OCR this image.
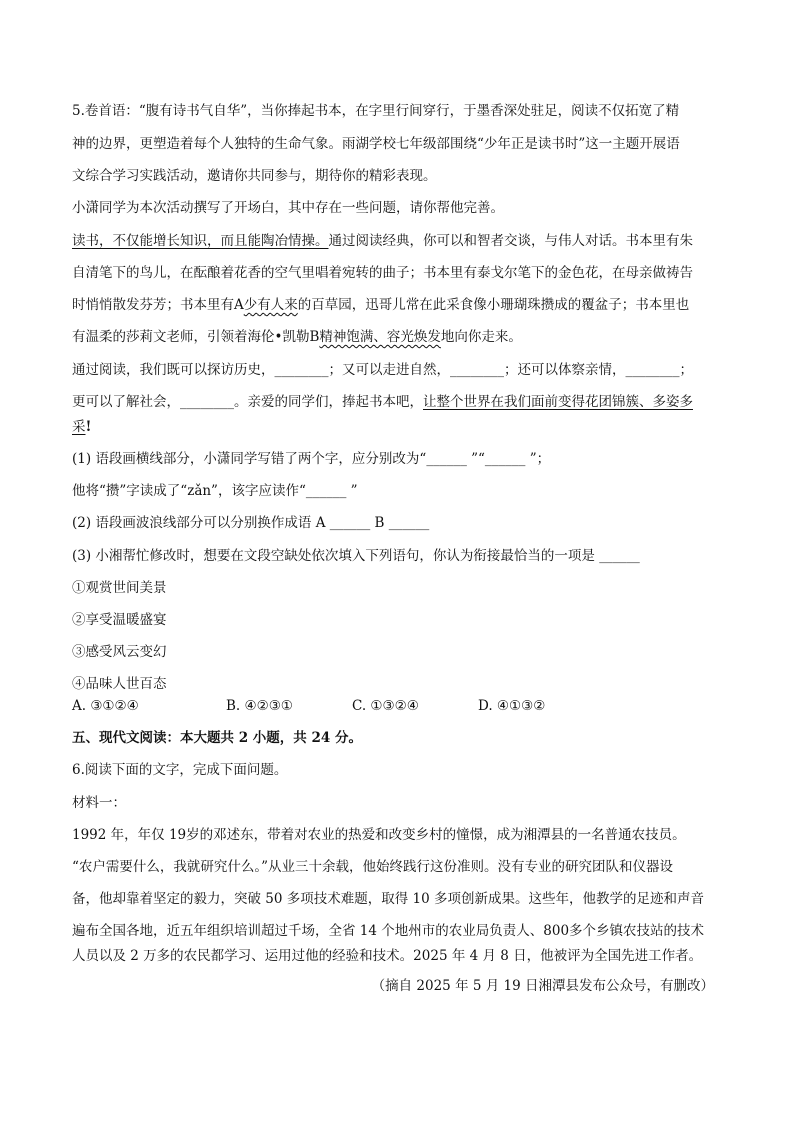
5.卷首语：“腹有诗书气自华”，当你捧起书本，在字里行间穿行，于墨香深处驻足，阅读不仅拓宽了精
神的边界，更塑造着每个人独特的生命气象。雨湖学校七年级部围绕“少年正是读书时”这一主题开展语
文综合学习实践活动，邀请你共同参与，期待你的精彩表现。
小潇同学为本次活动撰写了开场白，其中存在一些问题，请你帮他完善。
读书，不仅能增长知识，而且能陶冶情操。通过阅读经典，你可以和智者交谈，与伟人对话。书本里有朱
自清笔下的鸟儿，在酝酿着花香的空气里唱着宛转的曲子；书本里有泰戈尔笔下的金色花，在母亲做祷告
时悄悄散发芬芳；书本里有A少有人来的百草园，迅哥儿常在此采食像小珊瑚珠攒成的覆盆子；书本里也
有温柔的莎莉文老师，引领着海伦•凯勒B精神饱满、容光焕发地向你走来。
通过阅读，我们既可以探访历史，________；又可以走进自然，________；还可以体察亲情，________；
更可以了解社会，________。亲爱的同学们，捧起书本吧，让整个世界在我们面前变得花团锦簇、多姿多
采!
(1) 语段画横线部分，小潇同学写错了两个字，应分别改为“______ ”“______ ”；
他将“攒”字读成了“zǎn”，该字应读作“______ ”
(2) 语段画波浪线部分可以分别换作成语 A ______ B ______
(3) 小湘帮忙修改时，想要在文段空缺处依次填入下列语句，你认为衔接最恰当的一项是 ______
①观赏世间美景
②享受温暖盛宴
③感受风云变幻
④品味人世百态
A. ③①②④	B. ④②③①	C. ①③②④	D. ④①③②
五、现代文阅读：本大题共 2 小题，共 24 分。
6.阅读下面的文字，完成下面问题。
材料一：
1992 年，年仅 19岁的邓述东，带着对农业的热爱和改变乡村的憧憬，成为湘潭县的一名普通农技员。
“农户需要什么，我就研究什么。”从业三十余载，他始终践行这份准则。没有专业的研究团队和仪器设
备，他却靠着坚定的毅力，突破 50 多项技术难题，取得 10 多项创新成果。这些年，他教学的足迹和声音
遍布全国各地，近五年组织培训超过千场，全省 14 个地州市的农业局负责人、800多个乡镇农技站的技术
人员以及 2 万多的农民都学习、运用过他的经验和技术。2025 年 4 月 8 日，他被评为全国先进工作者。
（摘自 2025 年 5 月 19 日湘潭县发布公众号，有删改）
